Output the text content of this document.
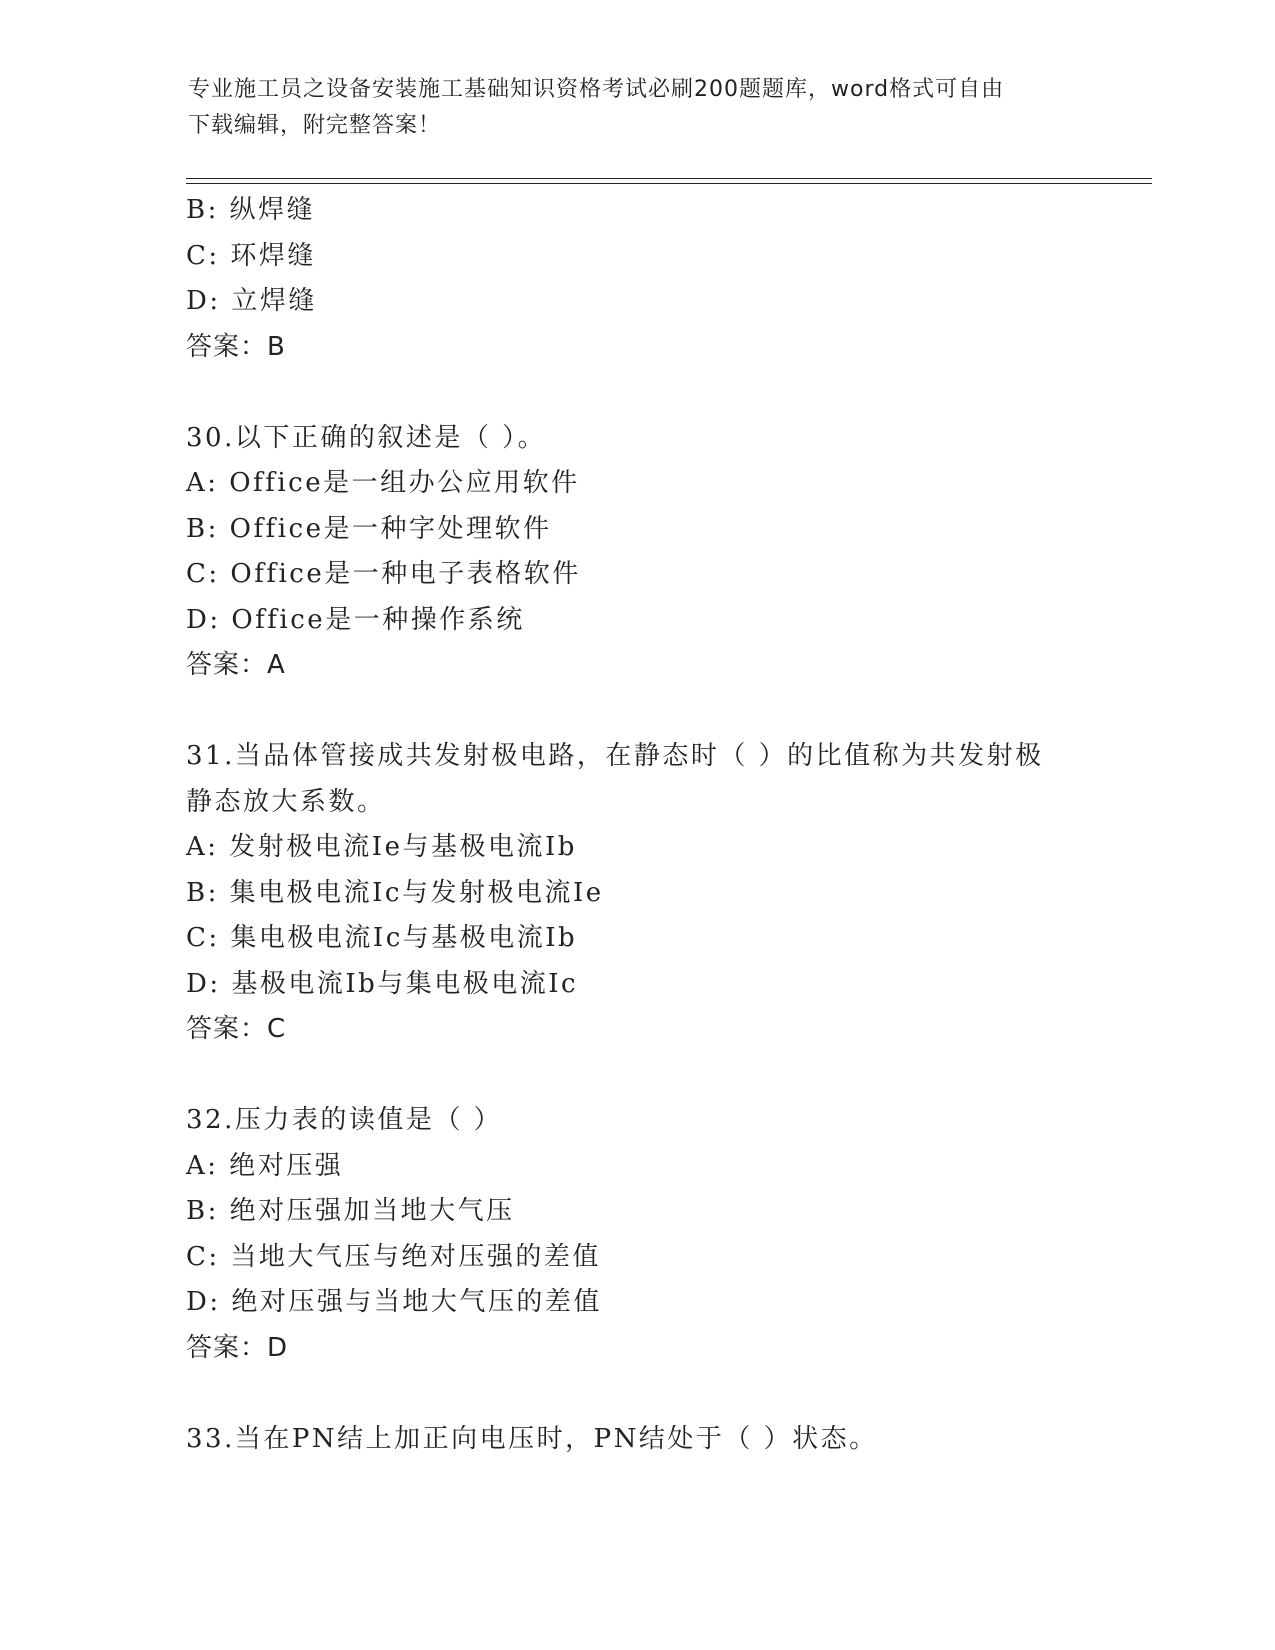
专业施工员之设备安装施工基础知识资格考试必刷200题题库，word格式可自由
下载编辑，附完整答案！
B: 纵焊缝
C: 环焊缝
D: 立焊缝
答案：B
30.以下正确的叙述是（ ）。
A: Office是一组办公应用软件
B: Office是一种字处理软件
C: Office是一种电子表格软件
D: Office是一种操作系统
答案：A
31.当品体管接成共发射极电路，在静态时（ ）的比值称为共发射极
静态放大系数。
A: 发射极电流Ie与基极电流Ib
B: 集电极电流Ic与发射极电流Ie
C: 集电极电流Ic与基极电流Ib
D: 基极电流Ib与集电极电流Ic
答案：C
32.压力表的读值是（ ）
A: 绝对压强
B: 绝对压强加当地大气压
C: 当地大气压与绝对压强的差值
D: 绝对压强与当地大气压的差值
答案：D
33.当在PN结上加正向电压时，PN结处于（ ）状态。
